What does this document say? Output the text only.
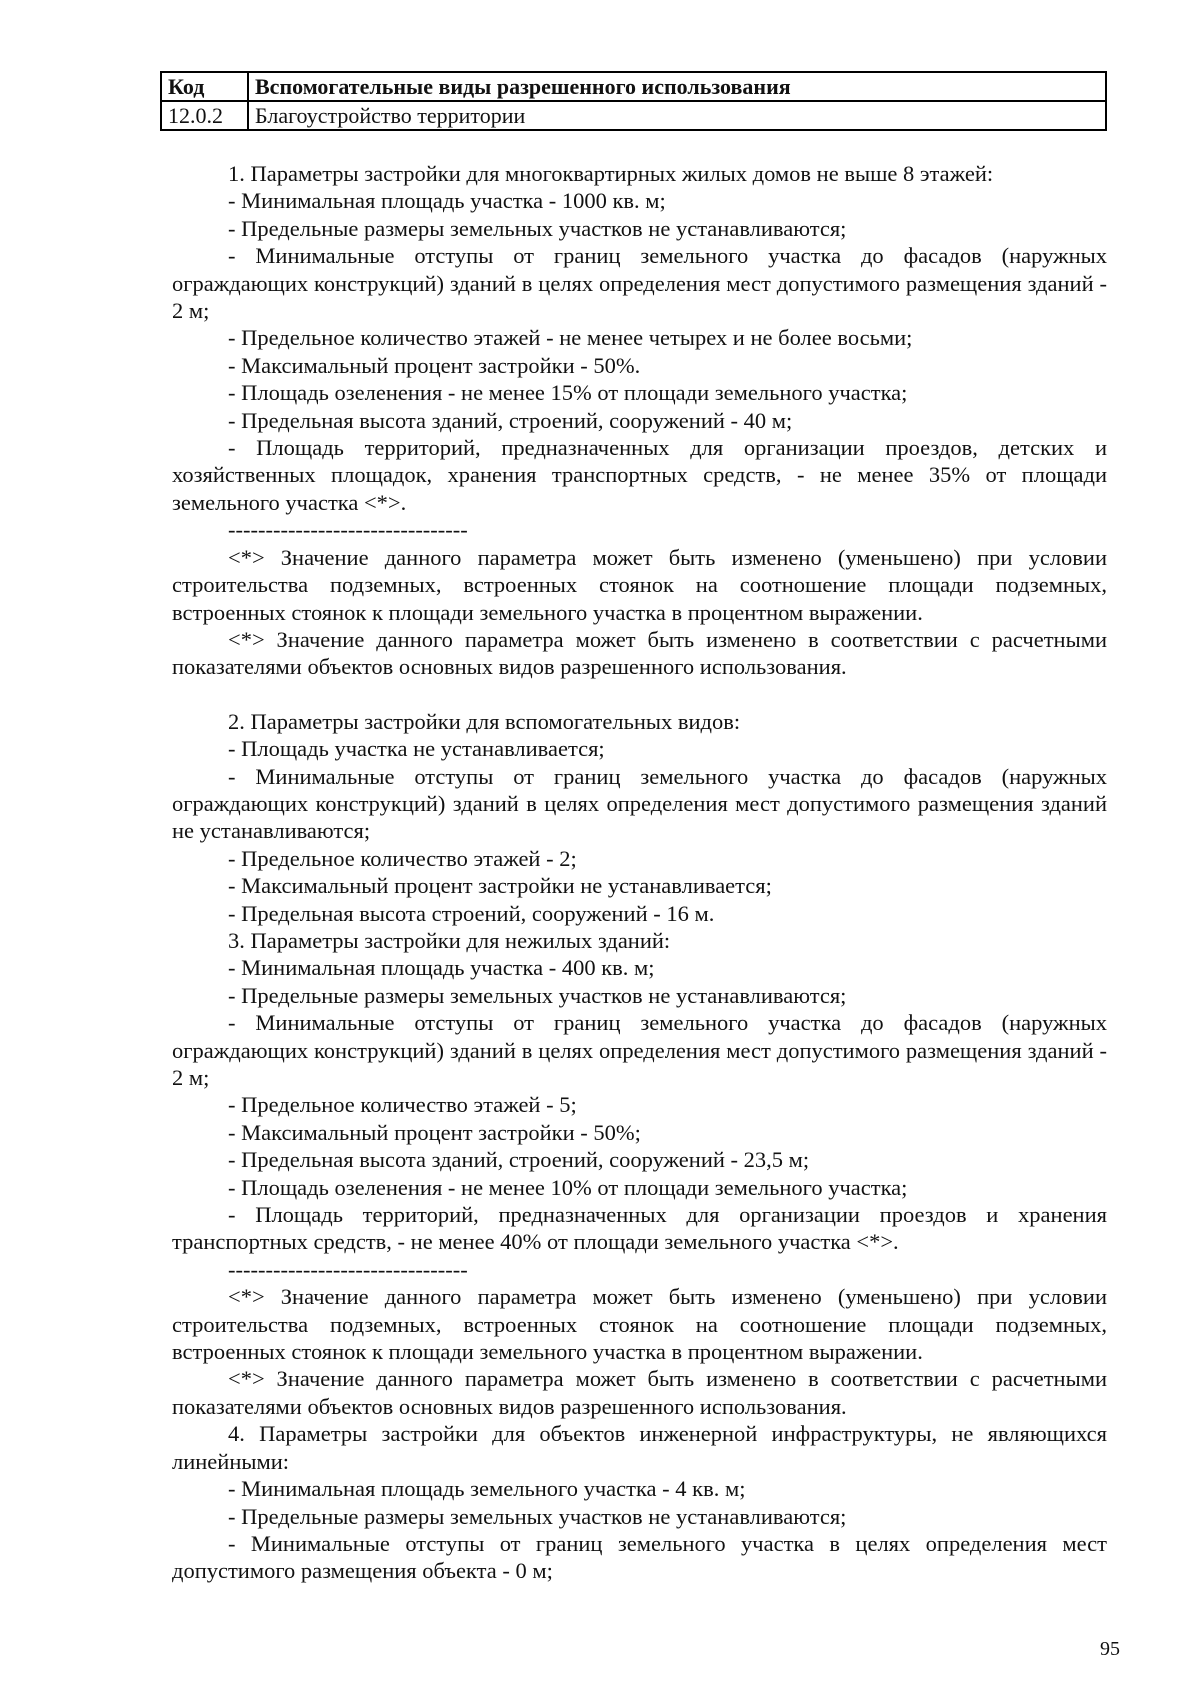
Код	Вспомогательные виды разрешенного использования
12.0.2	Благоустройство территории

1. Параметры застройки для многоквартирных жилых домов не выше 8 этажей:

- Минимальная площадь участка - 1000 кв. м;

- Предельные размеры земельных участков не устанавливаются;

- Минимальные отступы от границ земельного участка до фасадов (наружных ограждающих конструкций) зданий в целях определения мест допустимого размещения зданий - 2 м;

- Предельное количество этажей - не менее четырех и не более восьми;

- Максимальный процент застройки - 50%.

- Площадь озеленения - не менее 15% от площади земельного участка;

- Предельная высота зданий, строений, сооружений - 40 м;

- Площадь территорий, предназначенных для организации проездов, детских и хозяйственных площадок, хранения транспортных средств, - не менее 35% от площади земельного участка <*>.

--------------------------------

<*> Значение данного параметра может быть изменено (уменьшено) при условии строительства подземных, встроенных стоянок на соотношение площади подземных, встроенных стоянок к площади земельного участка в процентном выражении.

<*> Значение данного параметра может быть изменено в соответствии с расчетными показателями объектов основных видов разрешенного использования.

2. Параметры застройки для вспомогательных видов:

- Площадь участка не устанавливается;

- Минимальные отступы от границ земельного участка до фасадов (наружных ограждающих конструкций) зданий в целях определения мест допустимого размещения зданий не устанавливаются;

- Предельное количество этажей - 2;

- Максимальный процент застройки не устанавливается;

- Предельная высота строений, сооружений - 16 м.

3. Параметры застройки для нежилых зданий:

- Минимальная площадь участка - 400 кв. м;

- Предельные размеры земельных участков не устанавливаются;

- Минимальные отступы от границ земельного участка до фасадов (наружных ограждающих конструкций) зданий в целях определения мест допустимого размещения зданий - 2 м;

- Предельное количество этажей - 5;

- Максимальный процент застройки - 50%;

- Предельная высота зданий, строений, сооружений - 23,5 м;

- Площадь озеленения - не менее 10% от площади земельного участка;

- Площадь территорий, предназначенных для организации проездов и хранения транспортных средств, - не менее 40% от площади земельного участка <*>.

--------------------------------

<*> Значение данного параметра может быть изменено (уменьшено) при условии строительства подземных, встроенных стоянок на соотношение площади подземных, встроенных стоянок к площади земельного участка в процентном выражении.

<*> Значение данного параметра может быть изменено в соответствии с расчетными показателями объектов основных видов разрешенного использования.

4. Параметры застройки для объектов инженерной инфраструктуры, не являющихся линейными:

- Минимальная площадь земельного участка - 4 кв. м;

- Предельные размеры земельных участков не устанавливаются;

- Минимальные отступы от границ земельного участка в целях определения мест допустимого размещения объекта - 0 м;

95
